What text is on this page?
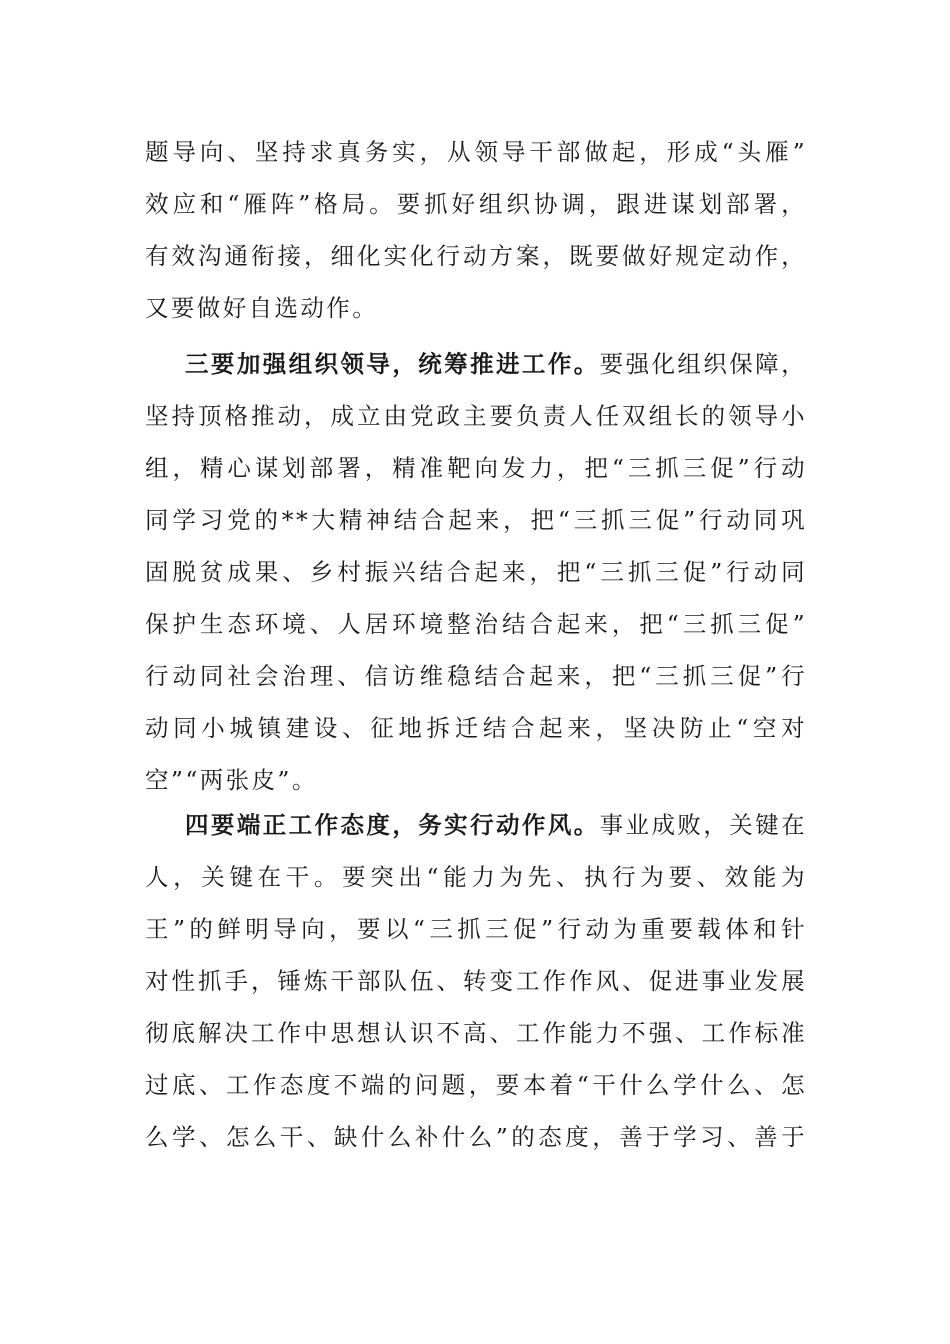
题导向、坚持求真务实，从领导干部做起，形成“头雁”
效应和“雁阵”格局。要抓好组织协调，跟进谋划部署，
有效沟通衔接，细化实化行动方案，既要做好规定动作，
又要做好自选动作。
三要加强组织领导，统筹推进工作。要强化组织保障，
坚持顶格推动，成立由党政主要负责人任双组长的领导小
组，精心谋划部署，精准靶向发力，把“三抓三促”行动
同学习党的**大精神结合起来，把“三抓三促”行动同巩
固脱贫成果、乡村振兴结合起来，把“三抓三促”行动同
保护生态环境、人居环境整治结合起来，把“三抓三促”
行动同社会治理、信访维稳结合起来，把“三抓三促”行
动同小城镇建设、征地拆迁结合起来，坚决防止“空对
空”“两张皮”。
四要端正工作态度，务实行动作风。事业成败，关键在
人，关键在干。要突出“能力为先、执行为要、效能为
王”的鲜明导向，要以“三抓三促”行动为重要载体和针
对性抓手，锤炼干部队伍、转变工作作风、促进事业发展
彻底解决工作中思想认识不高、工作能力不强、工作标准
过底、工作态度不端的问题，要本着“干什么学什么、怎
么学、怎么干、缺什么补什么”的态度，善于学习、善于
